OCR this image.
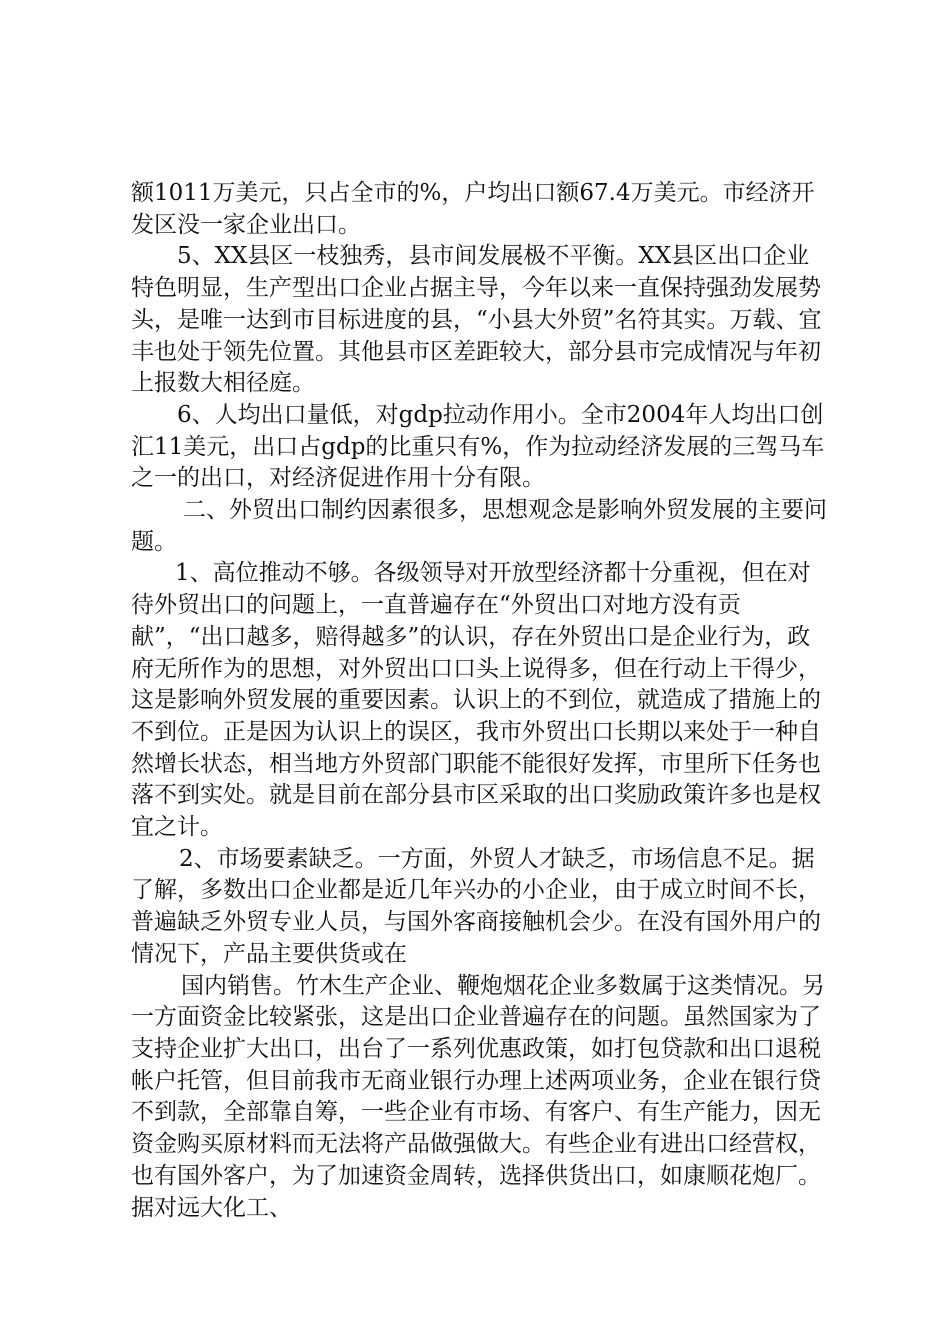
额1011万美元，只占全市的%，户均出口额67.4万美元。市经济开发区没一家企业出口。

5、XX县区一枝独秀，县市间发展极不平衡。XX县区出口企业特色明显，生产型出口企业占据主导，今年以来一直保持强劲发展势头，是唯一达到市目标进度的县，“小县大外贸”名符其实。万载、宜丰也处于领先位置。其他县市区差距较大，部分县市完成情况与年初上报数大相径庭。

6、人均出口量低，对gdp拉动作用小。全市2004年人均出口创汇11美元，出口占gdp的比重只有%，作为拉动经济发展的三驾马车之一的出口，对经济促进作用十分有限。

二、外贸出口制约因素很多，思想观念是影响外贸发展的主要问题。

1、高位推动不够。各级领导对开放型经济都十分重视，但在对待外贸出口的问题上，一直普遍存在“外贸出口对地方没有贡献”，“出口越多，赔得越多”的认识，存在外贸出口是企业行为，政府无所作为的思想，对外贸出口口头上说得多，但在行动上干得少，这是影响外贸发展的重要因素。认识上的不到位，就造成了措施上的不到位。正是因为认识上的误区，我市外贸出口长期以来处于一种自然增长状态，相当地方外贸部门职能不能很好发挥，市里所下任务也落不到实处。就是目前在部分县市区采取的出口奖励政策许多也是权宜之计。

2、市场要素缺乏。一方面，外贸人才缺乏，市场信息不足。据了解，多数出口企业都是近几年兴办的小企业，由于成立时间不长，普遍缺乏外贸专业人员，与国外客商接触机会少。在没有国外用户的情况下，产品主要供货或在

国内销售。竹木生产企业、鞭炮烟花企业多数属于这类情况。另一方面资金比较紧张，这是出口企业普遍存在的问题。虽然国家为了支持企业扩大出口，出台了一系列优惠政策，如打包贷款和出口退税帐户托管，但目前我市无商业银行办理上述两项业务，企业在银行贷不到款，全部靠自筹，一些企业有市场、有客户、有生产能力，因无资金购买原材料而无法将产品做强做大。有些企业有进出口经营权，也有国外客户，为了加速资金周转，选择供货出口，如康顺花炮厂。据对远大化工、
